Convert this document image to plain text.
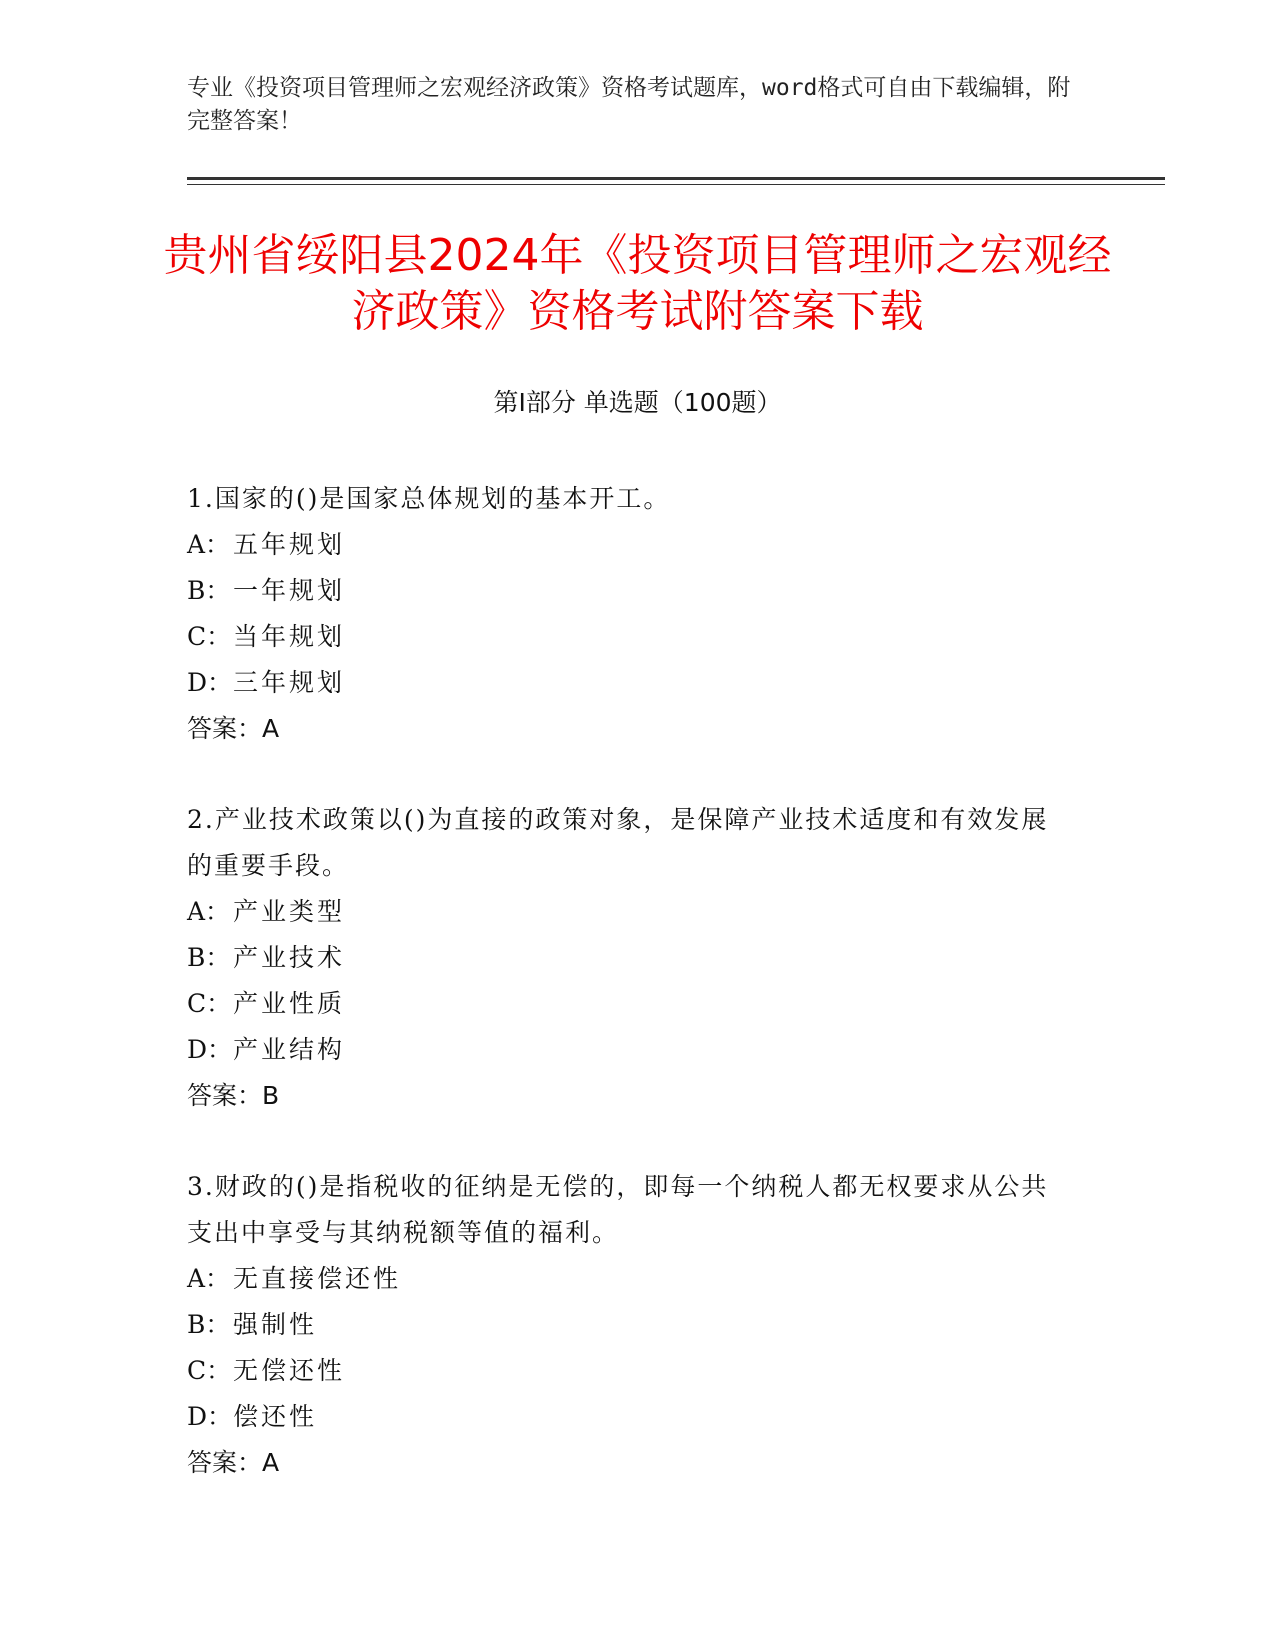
专业《投资项目管理师之宏观经济政策》资格考试题库，word格式可自由下载编辑，附完整答案！
贵州省绥阳县2024年《投资项目管理师之宏观经济政策》资格考试附答案下载
第Ⅰ部分 单选题（100题）
1.国家的()是国家总体规划的基本开工。
A： 五年规划
B： 一年规划
C：当年规划
D：三年规划
答案：A
2.产业技术政策以()为直接的政策对象，是保障产业技术适度和有效发展的重要手段。
A： 产业类型
B： 产业技术
C：产业性质
D：产业结构
答案：B
3.财政的()是指税收的征纳是无偿的，即每一个纳税人都无权要求从公共支出中享受与其纳税额等值的福利。
A： 无直接偿还性
B： 强制性
C：无偿还性
D：偿还性
答案：A
